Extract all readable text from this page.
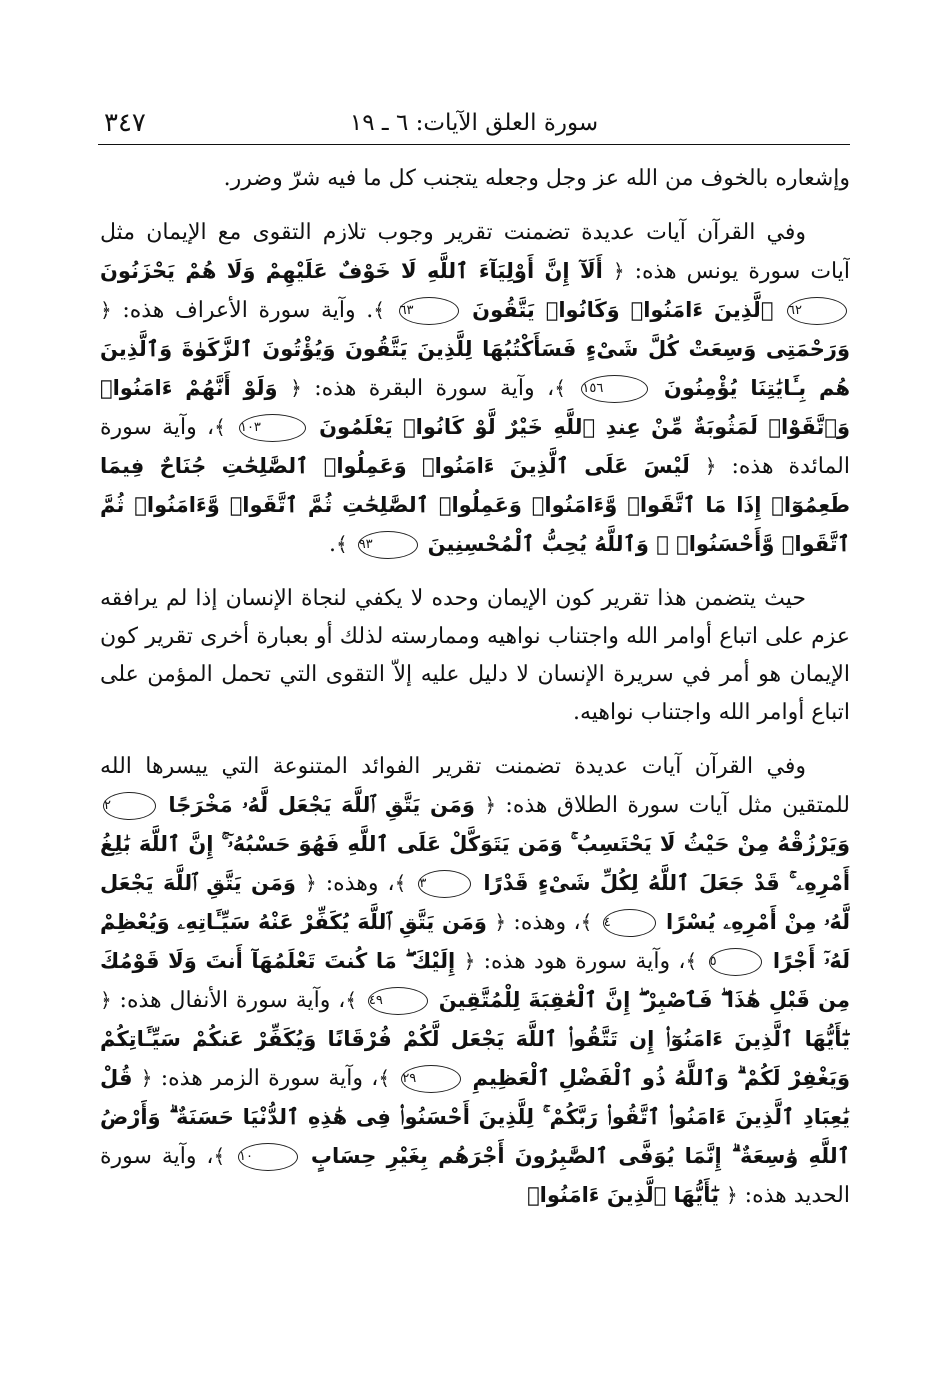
سورة العلق الآيات: ٦ ـ ١٩
٣٤٧

وإشعاره بالخوف من الله عز وجل وجعله يتجنب كل ما فيه شرّ وضرر.

وفي القرآن آيات عديدة تضمنت تقرير وجوب تلازم التقوى مع الإيمان مثل آيات سورة يونس هذه: ﴿ أَلَآ إِنَّ أَوْلِيَآءَ ٱللَّهِ لَا خَوْفٌ عَلَيْهِمْ وَلَا هُمْ يَحْزَنُونَ ٦٢ ٱلَّذِينَ ءَامَنُوا۟ وَكَانُوا۟ يَتَّقُونَ ٦٣ ﴾. وآية سورة الأعراف هذه: ﴿ وَرَحْمَتِى وَسِعَتْ كُلَّ شَىْءٍ فَسَأَكْتُبُهَا لِلَّذِينَ يَتَّقُونَ وَيُؤْتُونَ ٱلزَّكَوٰةَ وَٱلَّذِينَ هُم بِـَٔايَٰتِنَا يُؤْمِنُونَ ١٥٦ ﴾، وآية سورة البقرة هذه: ﴿ وَلَوْ أَنَّهُمْ ءَامَنُوا۟ وَٱتَّقَوْا۟ لَمَثُوبَةٌ مِّنْ عِندِ ٱللَّهِ خَيْرٌ لَّوْ كَانُوا۟ يَعْلَمُونَ ١٠٣ ﴾، وآية سورة المائدة هذه: ﴿ لَيْسَ عَلَى ٱلَّذِينَ ءَامَنُوا۟ وَعَمِلُوا۟ ٱلصَّٰلِحَٰتِ جُنَاحٌ فِيمَا طَعِمُوٓا۟ إِذَا مَا ٱتَّقَوا۟ وَّءَامَنُوا۟ وَعَمِلُوا۟ ٱلصَّٰلِحَٰتِ ثُمَّ ٱتَّقَوا۟ وَّءَامَنُوا۟ ثُمَّ ٱتَّقَوا۟ وَّأَحْسَنُوا۟ ۗ وَٱللَّهُ يُحِبُّ ٱلْمُحْسِنِينَ ٩٣ ﴾.

حيث يتضمن هذا تقرير كون الإيمان وحده لا يكفي لنجاة الإنسان إذا لم يرافقه عزم على اتباع أوامر الله واجتناب نواهيه وممارسته لذلك أو بعبارة أخرى تقرير كون الإيمان هو أمر في سريرة الإنسان لا دليل عليه إلاّ التقوى التي تحمل المؤمن على اتباع أوامر الله واجتناب نواهيه.

وفي القرآن آيات عديدة تضمنت تقرير الفوائد المتنوعة التي ييسرها الله للمتقين مثل آيات سورة الطلاق هذه: ﴿ وَمَن يَتَّقِ ٱللَّهَ يَجْعَل لَّهُۥ مَخْرَجًا ٢ وَيَرْزُقْهُ مِنْ حَيْثُ لَا يَحْتَسِبُ ۚ وَمَن يَتَوَكَّلْ عَلَى ٱللَّهِ فَهُوَ حَسْبُهُۥٓ ۚ إِنَّ ٱللَّهَ بَٰلِغُ أَمْرِهِۦ ۚ قَدْ جَعَلَ ٱللَّهُ لِكُلِّ شَىْءٍ قَدْرًا ٣ ﴾، وهذه: ﴿ وَمَن يَتَّقِ ٱللَّهَ يَجْعَل لَّهُۥ مِنْ أَمْرِهِۦ يُسْرًا ٤ ﴾، وهذه: ﴿ وَمَن يَتَّقِ ٱللَّهَ يُكَفِّرْ عَنْهُ سَيِّـَٔاتِهِۦ وَيُعْظِمْ لَهُۥٓ أَجْرًا ٥ ﴾، وآية سورة هود هذه: ﴿ إِلَيْكَ ۖ مَا كُنتَ تَعْلَمُهَآ أَنتَ وَلَا قَوْمُكَ مِن قَبْلِ هَٰذَا ۖ فَٱصْبِرْ ۖ إِنَّ ٱلْعَٰقِبَةَ لِلْمُتَّقِينَ ٤٩ ﴾، وآية سورة الأنفال هذه: ﴿ يَٰٓأَيُّهَا ٱلَّذِينَ ءَامَنُوٓا۟ إِن تَتَّقُوا۟ ٱللَّهَ يَجْعَل لَّكُمْ فُرْقَانًا وَيُكَفِّرْ عَنكُمْ سَيِّـَٔاتِكُمْ وَيَغْفِرْ لَكُمْ ۗ وَٱللَّهُ ذُو ٱلْفَضْلِ ٱلْعَظِيمِ ٢٩ ﴾، وآية سورة الزمر هذه: ﴿ قُلْ يَٰعِبَادِ ٱلَّذِينَ ءَامَنُوا۟ ٱتَّقُوا۟ رَبَّكُمْ ۚ لِلَّذِينَ أَحْسَنُوا۟ فِى هَٰذِهِ ٱلدُّنْيَا حَسَنَةٌ ۗ وَأَرْضُ ٱللَّهِ وَٰسِعَةٌ ۗ إِنَّمَا يُوَفَّى ٱلصَّٰبِرُونَ أَجْرَهُم بِغَيْرِ حِسَابٍ ١٠ ﴾، وآية سورة الحديد هذه: ﴿ يَٰٓأَيُّهَا ٱلَّذِينَ ءَامَنُوا۟
